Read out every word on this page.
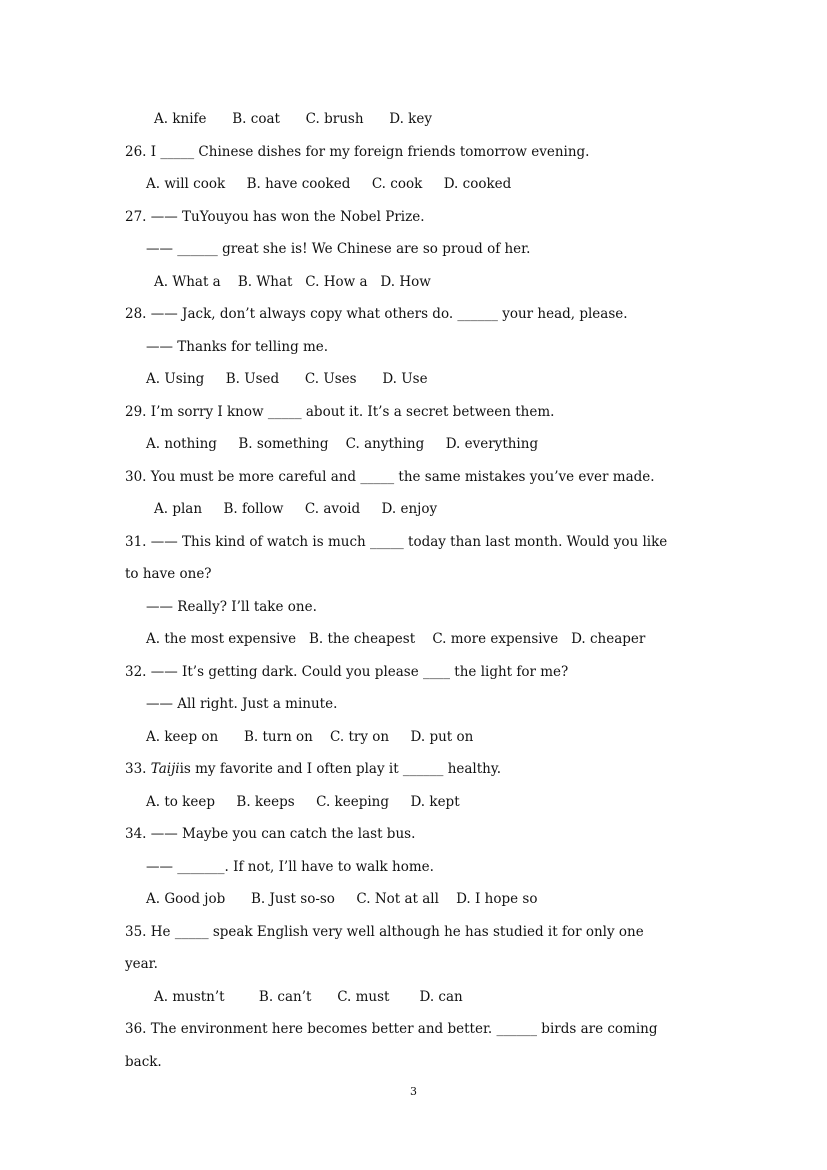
A. knife      B. coat      C. brush      D. key
26. I _____ Chinese dishes for my foreign friends tomorrow evening.
A. will cook     B. have cooked     C. cook     D. cooked
27. —— TuYouyou has won the Nobel Prize.
—— ______ great she is! We Chinese are so proud of her.
A. What a    B. What   C. How a   D. How
28. —— Jack, don’t always copy what others do. ______ your head, please.
—— Thanks for telling me.
A. Using     B. Used      C. Uses      D. Use
29. I’m sorry I know _____ about it. It’s a secret between them.
A. nothing     B. something    C. anything     D. everything
30. You must be more careful and _____ the same mistakes you’ve ever made.
A. plan     B. follow     C. avoid     D. enjoy
31. —— This kind of watch is much _____ today than last month. Would you like
to have one?
—— Really? I’ll take one.
A. the most expensive   B. the cheapest    C. more expensive   D. cheaper
32. —— It’s getting dark. Could you please ____ the light for me?
—— All right. Just a minute.
A. keep on      B. turn on    C. try on     D. put on
33. Taijiis my favorite and I often play it ______ healthy.
A. to keep     B. keeps     C. keeping     D. kept
34. —— Maybe you can catch the last bus.
—— _______. If not, I’ll have to walk home.
A. Good job      B. Just so-so     C. Not at all    D. I hope so
35. He _____ speak English very well although he has studied it for only one
year.
A. mustn’t        B. can’t      C. must       D. can
36. The environment here becomes better and better. ______ birds are coming
back.
3
